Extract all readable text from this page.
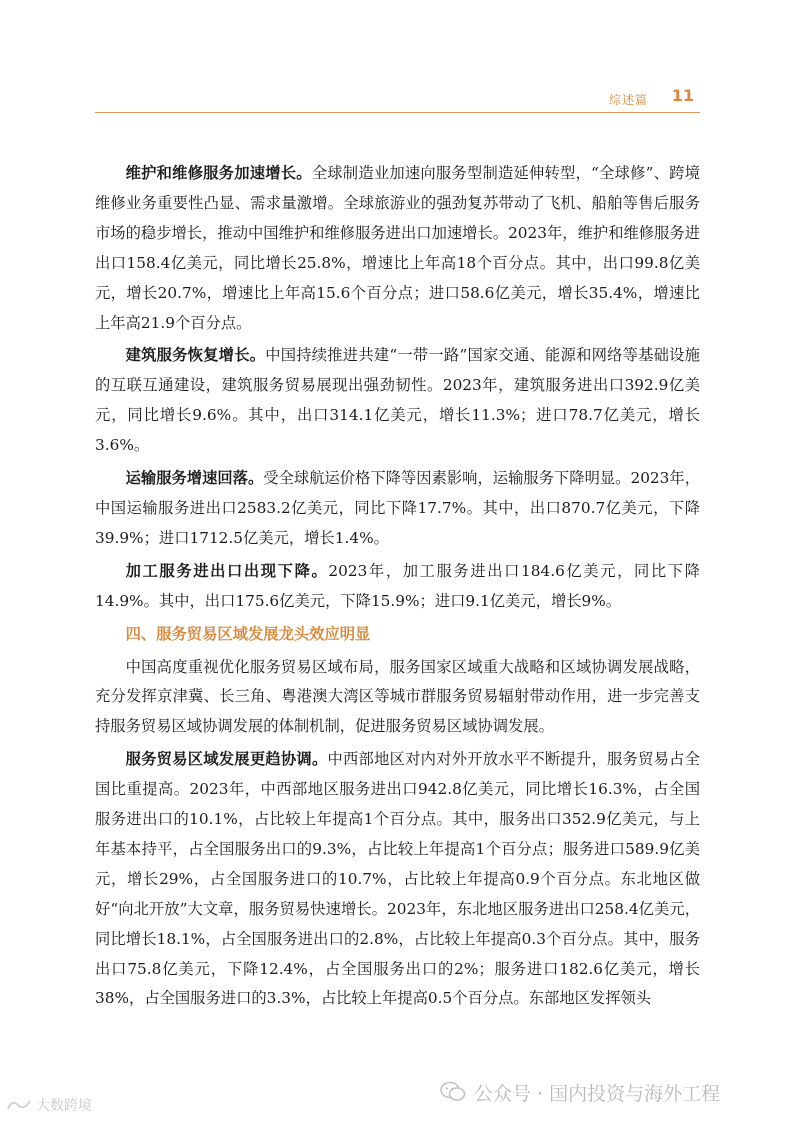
综述篇 11

维护和维修服务加速增长。全球制造业加速向服务型制造延伸转型，“全球修”、跨境维修业务重要性凸显、需求量激增。全球旅游业的强劲复苏带动了飞机、船舶等售后服务市场的稳步增长，推动中国维护和维修服务进出口加速增长。2023年，维护和维修服务进出口158.4亿美元，同比增长25.8%，增速比上年高18个百分点。其中，出口99.8亿美元，增长20.7%，增速比上年高15.6个百分点；进口58.6亿美元，增长35.4%，增速比上年高21.9个百分点。

建筑服务恢复增长。中国持续推进共建“一带一路”国家交通、能源和网络等基础设施的互联互通建设，建筑服务贸易展现出强劲韧性。2023年，建筑服务进出口392.9亿美元，同比增长9.6%。其中，出口314.1亿美元，增长11.3%；进口78.7亿美元，增长3.6%。

运输服务增速回落。受全球航运价格下降等因素影响，运输服务下降明显。2023年，中国运输服务进出口2583.2亿美元，同比下降17.7%。其中，出口870.7亿美元，下降39.9%；进口1712.5亿美元，增长1.4%。

加工服务进出口出现下降。2023年，加工服务进出口184.6亿美元，同比下降14.9%。其中，出口175.6亿美元，下降15.9%；进口9.1亿美元，增长9%。

四、服务贸易区域发展龙头效应明显

中国高度重视优化服务贸易区域布局，服务国家区域重大战略和区域协调发展战略，充分发挥京津冀、长三角、粤港澳大湾区等城市群服务贸易辐射带动作用，进一步完善支持服务贸易区域协调发展的体制机制，促进服务贸易区域协调发展。

服务贸易区域发展更趋协调。中西部地区对内对外开放水平不断提升，服务贸易占全国比重提高。2023年，中西部地区服务进出口942.8亿美元，同比增长16.3%，占全国服务进出口的10.1%，占比较上年提高1个百分点。其中，服务出口352.9亿美元，与上年基本持平，占全国服务出口的9.3%，占比较上年提高1个百分点；服务进口589.9亿美元，增长29%，占全国服务进口的10.7%，占比较上年提高0.9个百分点。东北地区做好“向北开放”大文章，服务贸易快速增长。2023年，东北地区服务进出口258.4亿美元，同比增长18.1%，占全国服务进出口的2.8%，占比较上年提高0.3个百分点。其中，服务出口75.8亿美元，下降12.4%，占全国服务出口的2%；服务进口182.6亿美元，增长38%，占全国服务进口的3.3%，占比较上年提高0.5个百分点。东部地区发挥领头

公众号 · 国内投资与海外工程
大数跨境
